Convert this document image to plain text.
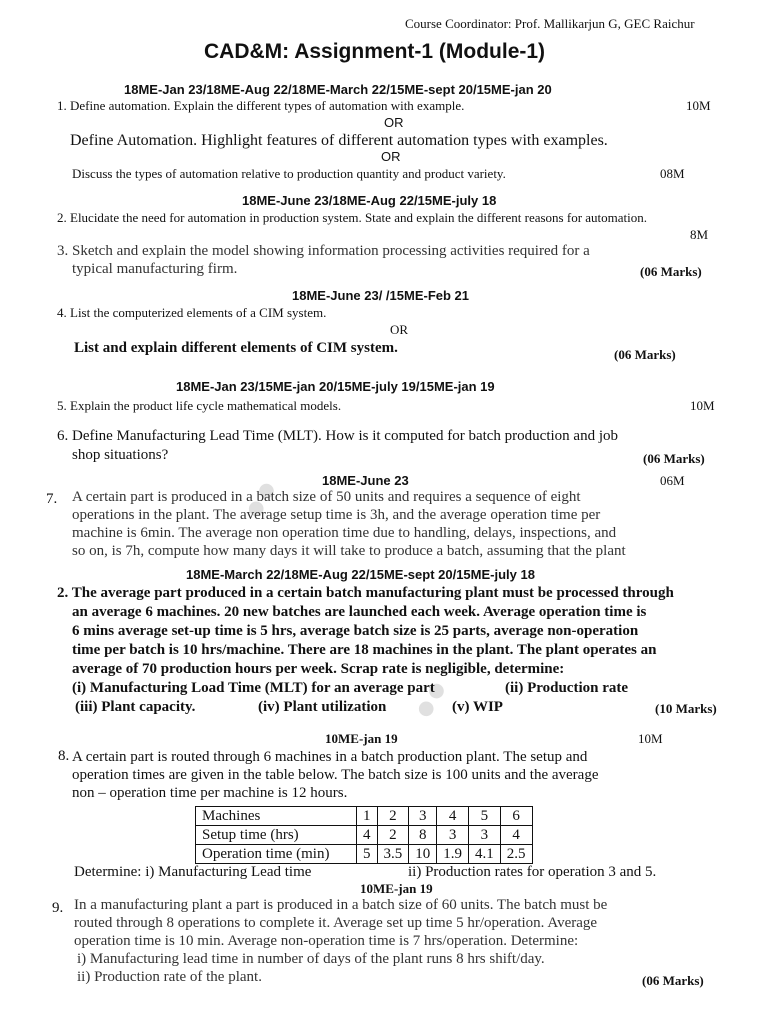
●●
●●
Course Coordinator: Prof. Mallikarjun G, GEC Raichur
CAD&M: Assignment-1 (Module-1)
18ME-Jan 23/18ME-Aug 22/18ME-March 22/15ME-sept 20/15ME-jan 20
1. Define automation. Explain the different types of automation with example.	10M
OR
Define Automation. Highlight features of different automation types with examples.
OR
Discuss the types of automation relative to production quantity and product variety.	08M
18ME-June 23/18ME-Aug 22/15ME-july 18
2. Elucidate the need for automation in production system. State and explain the different reasons for automation.
8M
3. Sketch and explain the model showing information processing activities required for a
typical manufacturing firm.	(06 Marks)
18ME-June 23/ /15ME-Feb 21
4. List the computerized elements of a CIM system.
OR
List and explain different elements of CIM system.	(06 Marks)
18ME-Jan 23/15ME-jan 20/15ME-july 19/15ME-jan 19
5. Explain the product life cycle mathematical models.	10M
6. Define Manufacturing Lead Time (MLT). How is it computed for batch production and job
shop situations?	(06 Marks)
18ME-June 23	06M
7. A certain part is produced in a batch size of 50 units and requires a sequence of eight
operations in the plant. The average setup time is 3h, and the average operation time per
machine is 6min. The average non operation time due to handling, delays, inspections, and
so on, is 7h, compute how many days it will take to produce a batch, assuming that the plant
18ME-March 22/18ME-Aug 22/15ME-sept 20/15ME-july 18
2. The average part produced in a certain batch manufacturing plant must be processed through
an average 6 machines. 20 new batches are launched each week. Average operation time is
6 mins average set-up time is 5 hrs, average batch size is 25 parts, average non-operation
time per batch is 10 hrs/machine. There are 18 machines in the plant. The plant operates an
average of 70 production hours per week. Scrap rate is negligible, determine:
(i) Manufacturing Load Time (MLT) for an average part	(ii) Production rate
(iii) Plant capacity.	(iv) Plant utilization	(v) WIP	(10 Marks)
10ME-jan 19	10M
8. A certain part is routed through 6 machines in a batch production plant. The setup and
operation times are given in the table below. The batch size is 100 units and the average
non – operation time per machine is 12 hours.
Machines	1	2	3	4	5	6
Setup time (hrs)	4	2	8	3	3	4
Operation time (min)	5	3.5	10	1.9	4.1	2.5
Determine: i) Manufacturing Lead time	ii) Production rates for operation 3 and 5.
10ME-jan 19
9. In a manufacturing plant a part is produced in a batch size of 60 units. The batch must be
routed through 8 operations to complete it. Average set up time 5 hr/operation. Average
operation time is 10 min. Average non-operation time is 7 hrs/operation. Determine:
i) Manufacturing lead time in number of days of the plant runs 8 hrs shift/day.
ii) Production rate of the plant.	(06 Marks)
